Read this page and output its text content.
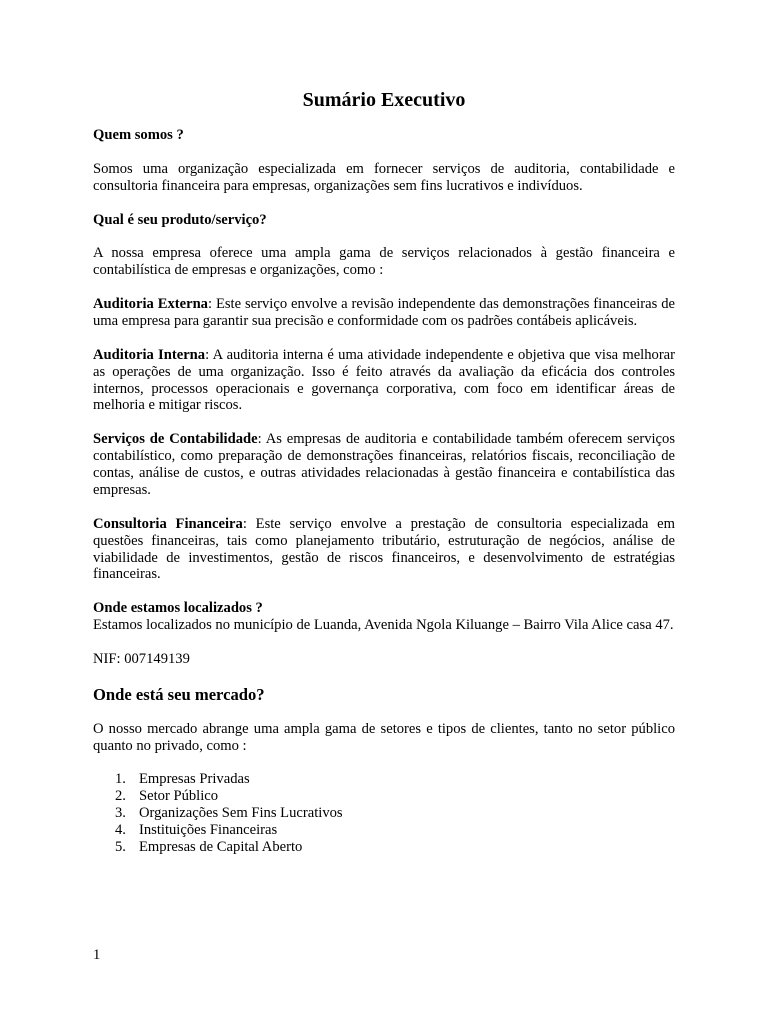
Sumário Executivo
Quem somos ?

Somos uma organização especializada em fornecer serviços de auditoria, contabilidade e consultoria financeira para empresas, organizações sem fins lucrativos e indivíduos.

Qual é seu produto/serviço?

A nossa empresa oferece uma ampla gama de serviços relacionados à gestão financeira e contabilística de empresas e organizações, como :

Auditoria Externa: Este serviço envolve a revisão independente das demonstrações financeiras de uma empresa para garantir sua precisão e conformidade com os padrões contábeis aplicáveis.

Auditoria Interna: A auditoria interna é uma atividade independente e objetiva que visa melhorar as operações de uma organização. Isso é feito através da avaliação da eficácia dos controles internos, processos operacionais e governança corporativa, com foco em identificar áreas de melhoria e mitigar riscos.

Serviços de Contabilidade: As empresas de auditoria e contabilidade também oferecem serviços contabilístico, como preparação de demonstrações financeiras, relatórios fiscais, reconciliação de contas, análise de custos, e outras atividades relacionadas à gestão financeira e contabilística das empresas.

Consultoria Financeira: Este serviço envolve a prestação de consultoria especializada em questões financeiras, tais como planejamento tributário, estruturação de negócios, análise de viabilidade de investimentos, gestão de riscos financeiros, e desenvolvimento de estratégias financeiras.

Onde estamos localizados ?

Estamos localizados no município de Luanda, Avenida Ngola Kiluange – Bairro Vila Alice casa 47.

NIF: 007149139

Onde está seu mercado?

O nosso mercado abrange uma ampla gama de setores e tipos de clientes, tanto no setor público quanto no privado, como :

1. Empresas Privadas
2. Setor Público
3. Organizações Sem Fins Lucrativos
4. Instituições Financeiras
5. Empresas de Capital Aberto
1
